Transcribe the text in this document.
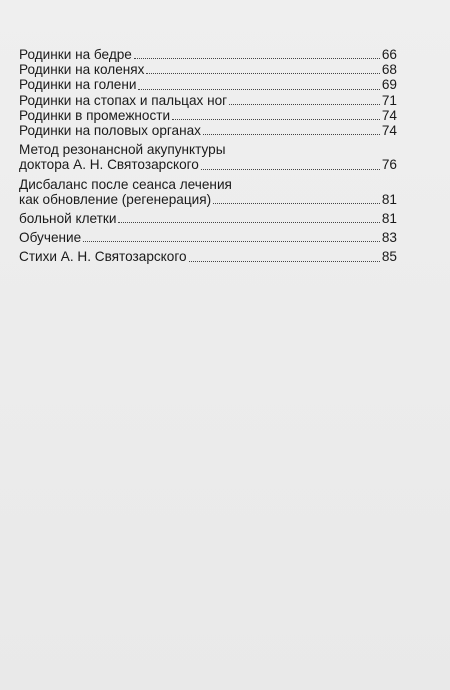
Родинки на бедре	66
Родинки на коленях	68
Родинки на голени	69
Родинки на стопах и пальцах ног	71
Родинки в промежности	74
Родинки на половых органах	74
Метод резонансной акупунктуры
доктора А. Н. Святозарского	76
Дисбаланс после сеанса лечения
как обновление (регенерация)	81
больной клетки	81
Обучение	83
Стихи А. Н. Святозарского	85
